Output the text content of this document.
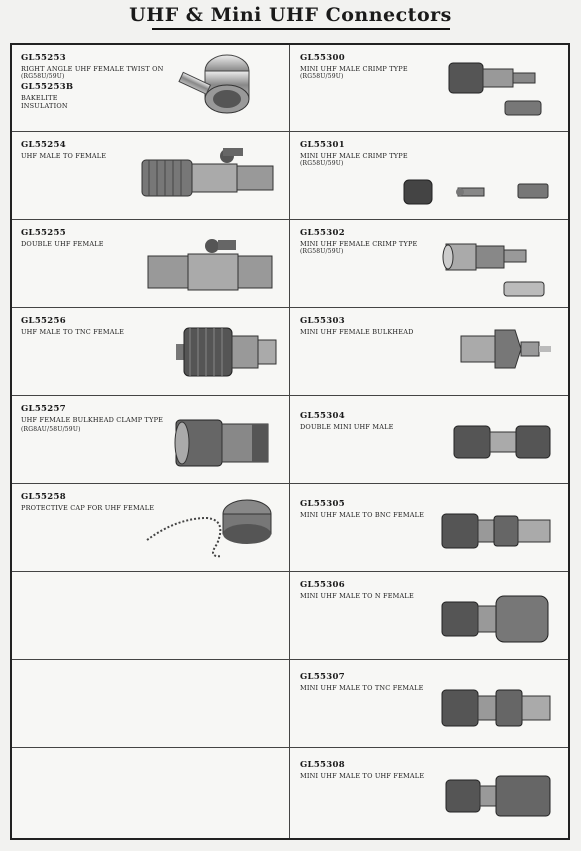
UHF & Mini UHF Connectors
GL55253
RIGHT ANGLE UHF FEMALE TWIST ON
(RG58U/59U)
GL55253B
BAKELITE
INSULATION
GL55254
UHF MALE TO FEMALE
GL55255
DOUBLE UHF FEMALE
GL55256
UHF MALE TO TNC FEMALE
GL55257
UHF FEMALE BULKHEAD CLAMP TYPE
(RG8AU/58U/59U)
GL55258
PROTECTIVE CAP FOR UHF FEMALE
GL55300
MINI UHF MALE CRIMP TYPE
(RG58U/59U)
GL55301
MINI UHF MALE CRIMP TYPE
(RG58U/59U)
GL55302
MINI UHF FEMALE CRIMP TYPE
(RG58U/59U)
GL55303
MINI UHF FEMALE BULKHEAD
GL55304
DOUBLE MINI UHF MALE
GL55305
MINI UHF MALE TO BNC FEMALE
GL55306
MINI UHF MALE TO N FEMALE
GL55307
MINI UHF MALE TO TNC FEMALE
GL55308
MINI UHF MALE TO UHF FEMALE
